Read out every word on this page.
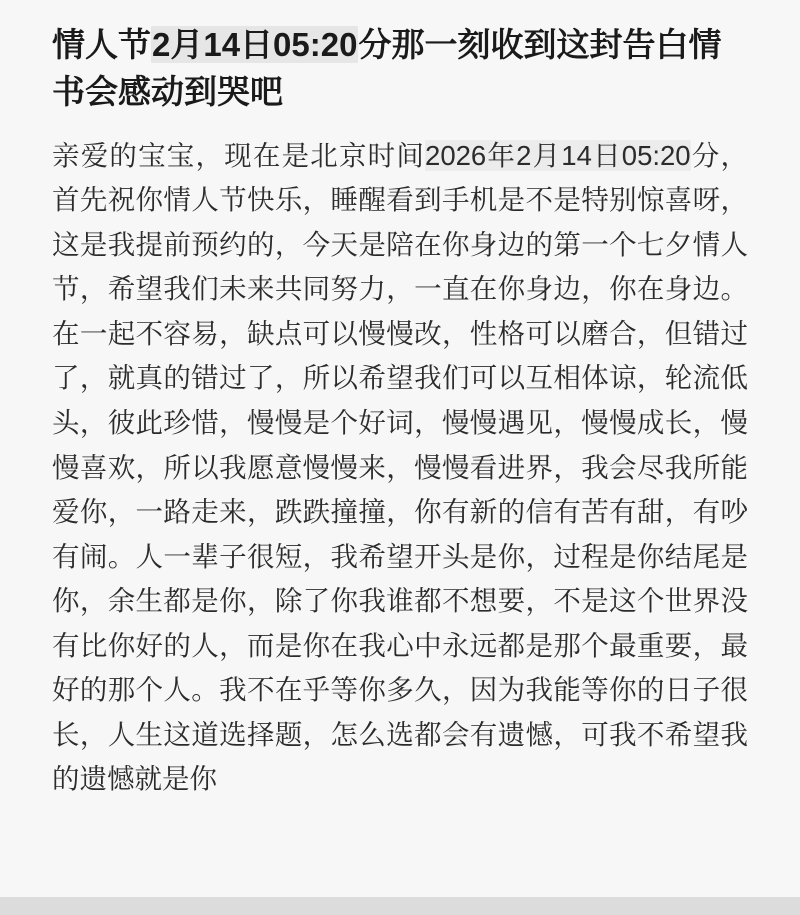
情人节2月14日05:20分那一刻收到这封告白情书会感动到哭吧

亲爱的宝宝，现在是北京时间2026年2月14日05:20分，首先祝你情人节快乐，睡醒看到手机是不是特别惊喜呀，这是我提前预约的，今天是陪在你身边的第一个七夕情人节，希望我们未来共同努力，一直在你身边，你在身边。在一起不容易，缺点可以慢慢改，性格可以磨合，但错过了，就真的错过了，所以希望我们可以互相体谅，轮流低头，彼此珍惜，慢慢是个好词，慢慢遇见，慢慢成长，慢慢喜欢，所以我愿意慢慢来，慢慢看进界，我会尽我所能爱你，一路走来，跌跌撞撞，你有新的信有苦有甜，有吵有闹。人一辈子很短，我希望开头是你，过程是你结尾是你，余生都是你，除了你我谁都不想要，不是这个世界没有比你好的人，而是你在我心中永远都是那个最重要，最好的那个人。我不在乎等你多久，因为我能等你的日子很长，人生这道选择题，怎么选都会有遗憾，可我不希望我的遗憾就是你
